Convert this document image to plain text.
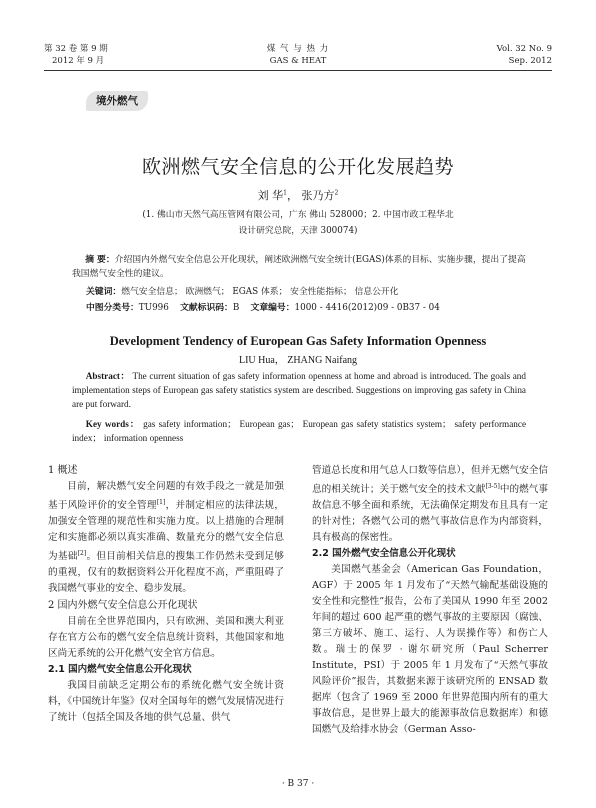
第 32 卷 第 9 期
2012 年 9 月
煤 气 与 热 力
GAS & HEAT
Vol. 32 No. 9
Sep. 2012
境外燃气
欧洲燃气安全信息的公开化发展趋势
刘 华$^1$， 张乃方$^2$
(1. 佛山市天然气高压管网有限公司，广东 佛山 528000；2. 中国市政工程华北
设计研究总院，天津 300074)
摘 要：介绍国内外燃气安全信息公开化现状，阐述欧洲燃气安全统计(EGAS)体系的目标、实施步骤，提出了提高我国燃气安全性的建议。
关键词：燃气安全信息； 欧洲燃气； EGAS 体系； 安全性能指标； 信息公开化
中图分类号：TU996 文献标识码：B 文章编号：1000 - 4416(2012)09 - 0B37 - 04
Development Tendency of European Gas Safety Information Openness
LIU Hua， ZHANG Naifang
Abstract： The current situation of gas safety information openness at home and abroad is introduced. The goals and implementation steps of European gas safety statistics system are described. Suggestions on improving gas safety in China are put forward.
Key words： gas safety information； European gas； European gas safety statistics system； safety performance index； information openness
1 概述

目前，解决燃气安全问题的有效手段之一就是加强基于风险评价的安全管理[1]，并制定相应的法律法规，加强安全管理的规范性和实施力度。以上措施的合理制定和实施都必须以真实准确、数量充分的燃气安全信息为基础[2]。但目前相关信息的搜集工作仍然未受到足够的重视，仅有的数据资料公开化程度不高，严重阻碍了我国燃气事业的安全、稳步发展。

2 国内外燃气安全信息公开化现状

目前在全世界范围内，只有欧洲、美国和澳大利亚存在官方公布的燃气安全信息统计资料，其他国家和地区尚无系统的公开化燃气安全官方信息。

2.1 国内燃气安全信息公开化现状

我国目前缺乏定期公布的系统化燃气安全统计资料，《中国统计年鉴》仅对全国每年的燃气发展情况进行了统计（包括全国及各地的供气总量、供气

管道总长度和用气总人口数等信息），但并无燃气安全信息的相关统计；关于燃气安全的技术文献[3-5]中的燃气事故信息不够全面和系统，无法确保定期发布且具有一定的针对性；各燃气公司的燃气事故信息作为内部资料，具有极高的保密性。

2.2 国外燃气安全信息公开化现状

美国燃气基金会（American Gas Foundation，AGF）于 2005 年 1 月发布了“天然气输配基础设施的安全性和完整性”报告，公布了美国从 1990 年至 2002 年间的超过 600 起严重的燃气事故的主要原因（腐蚀、第三方破坏、施工、运行、人为误操作等）和伤亡人数。瑞士的保罗 · 谢尔研究所（Paul Scherrer Institute，PSI）于 2005 年 1 月发布了“天然气事故风险评价”报告，其数据来源于该研究所的 ENSAD 数据库（包含了 1969 至 2000 年世界范围内所有的重大事故信息，是世界上最大的能源事故信息数据库）和德国燃气及给排水协会（German Asso-

· B 37 ·
